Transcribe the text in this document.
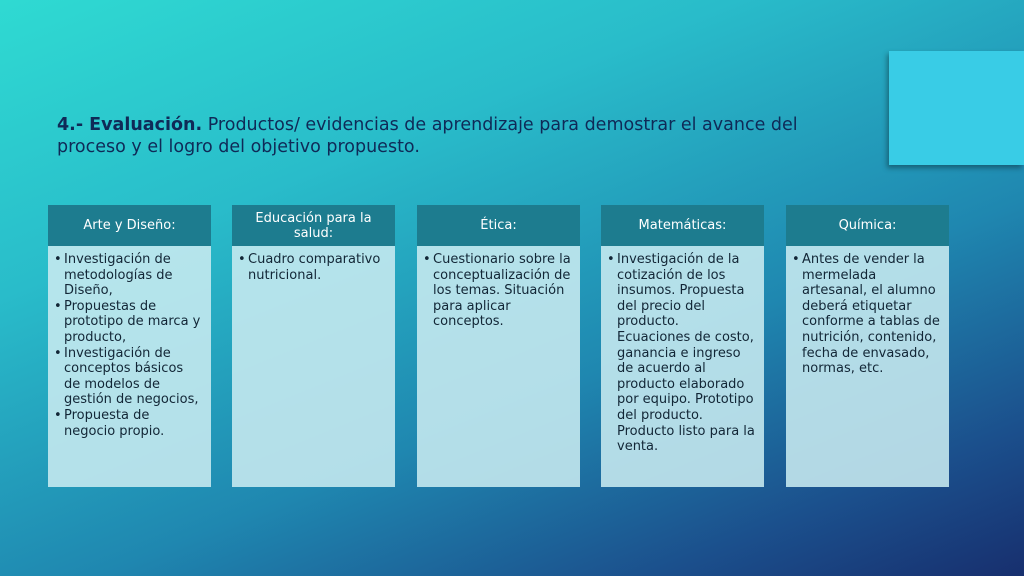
4.- Evaluación. Productos/ evidencias de aprendizaje para demostrar el avance del proceso y el logro del objetivo propuesto.
Arte y Diseño:
• Investigación de metodologías de Diseño,
• Propuestas de prototipo de marca y producto,
• Investigación de conceptos básicos de modelos de gestión de negocios,
• Propuesta de negocio propio.
Educación para la salud:
• Cuadro comparativo nutricional.
Ética:
• Cuestionario sobre la conceptualización de los temas. Situación para aplicar conceptos.
Matemáticas:
• Investigación de la cotización de los insumos. Propuesta del precio del producto. Ecuaciones de costo, ganancia e ingreso de acuerdo al producto elaborado por equipo. Prototipo del producto. Producto listo para la venta.
Química:
• Antes de vender la mermelada artesanal, el alumno deberá etiquetar conforme a tablas de nutrición, contenido, fecha de envasado, normas, etc.
